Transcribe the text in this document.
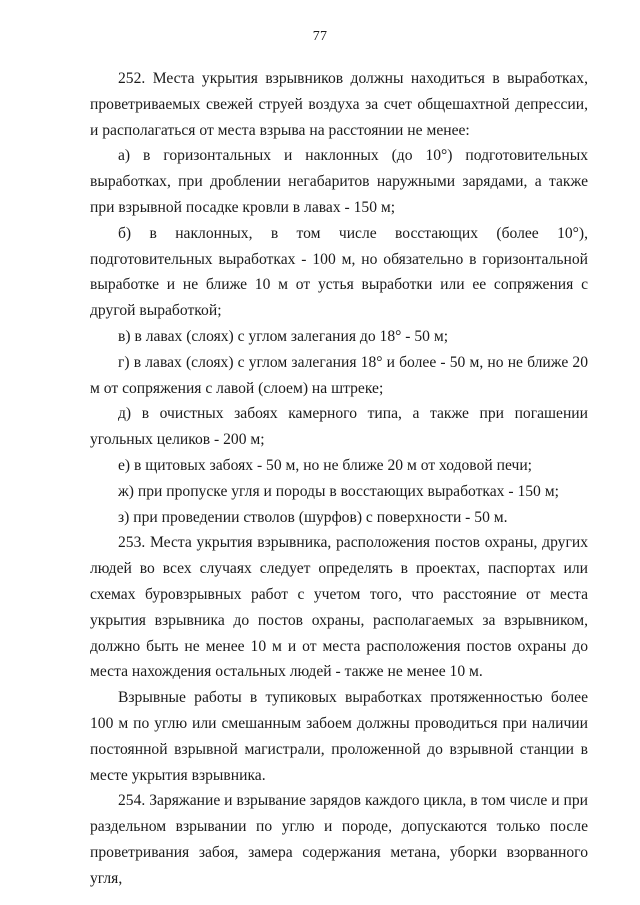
77

252. Места укрытия взрывников должны находиться в выработках, проветриваемых свежей струей воздуха за счет общешахтной депрессии, и располагаться от места взрыва на расстоянии не менее:

а) в горизонтальных и наклонных (до 10°) подготовительных выработках, при дроблении негабаритов наружными зарядами, а также при взрывной посадке кровли в лавах - 150 м;

б) в наклонных, в том числе восстающих (более 10°), подготовительных выработках - 100 м, но обязательно в горизонтальной выработке и не ближе 10 м от устья выработки или ее сопряжения с другой выработкой;

в) в лавах (слоях) с углом залегания до 18° - 50 м;

г) в лавах (слоях) с углом залегания 18° и более - 50 м, но не ближе 20 м от сопряжения с лавой (слоем) на штреке;

д) в очистных забоях камерного типа, а также при погашении угольных целиков - 200 м;

е) в щитовых забоях - 50 м, но не ближе 20 м от ходовой печи;

ж) при пропуске угля и породы в восстающих выработках - 150 м;

з) при проведении стволов (шурфов) с поверхности - 50 м.

253. Места укрытия взрывника, расположения постов охраны, других людей во всех случаях следует определять в проектах, паспортах или схемах буровзрывных работ с учетом того, что расстояние от места укрытия взрывника до постов охраны, располагаемых за взрывником, должно быть не менее 10 м и от места расположения постов охраны до места нахождения остальных людей - также не менее 10 м.

Взрывные работы в тупиковых выработках протяженностью более 100 м по углю или смешанным забоем должны проводиться при наличии постоянной взрывной магистрали, проложенной до взрывной станции в месте укрытия взрывника.

254. Заряжание и взрывание зарядов каждого цикла, в том числе и при раздельном взрывании по углю и породе, допускаются только после проветривания забоя, замера содержания метана, уборки взорванного угля,
